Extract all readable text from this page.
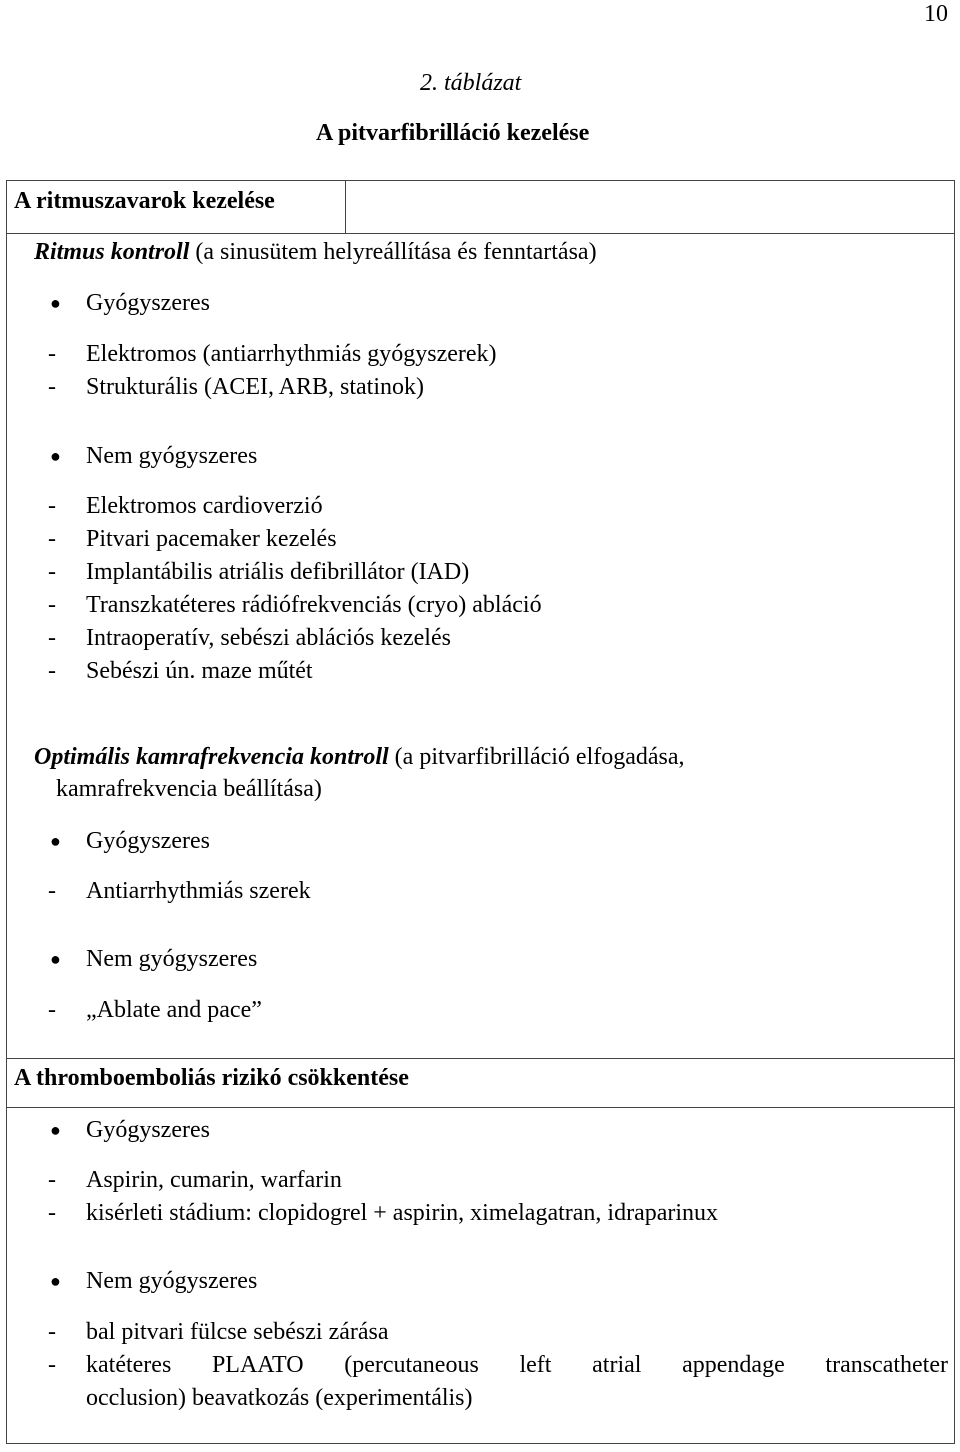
10
2. táblázat
A pitvarfibrilláció kezelése
A ritmuszavarok kezelése
Ritmus kontroll (a sinusütem helyreállítása és fenntartása)
● Gyógyszeres
- Elektromos (antiarrhythmiás gyógyszerek)
- Strukturális (ACEI, ARB, statinok)
● Nem gyógyszeres
- Elektromos cardioverzió
- Pitvari pacemaker kezelés
- Implantábilis atriális defibrillátor (IAD)
- Transzkatéteres rádiófrekvenciás (cryo) abláció
- Intraoperatív, sebészi ablációs kezelés
- Sebészi ún. maze műtét
Optimális kamrafrekvencia kontroll (a pitvarfibrilláció elfogadása,
kamrafrekvencia beállítása)
● Gyógyszeres
- Antiarrhythmiás szerek
● Nem gyógyszeres
- „Ablate and pace”
A thromboemboliás rizikó csökkentése
● Gyógyszeres
- Aspirin, cumarin, warfarin
- kisérleti stádium: clopidogrel + aspirin, ximelagatran, idraparinux
● Nem gyógyszeres
- bal pitvari fülcse sebészi zárása
- katéteres PLAATO (percutaneous left atrial appendage transcatheter
occlusion) beavatkozás (experimentális)
